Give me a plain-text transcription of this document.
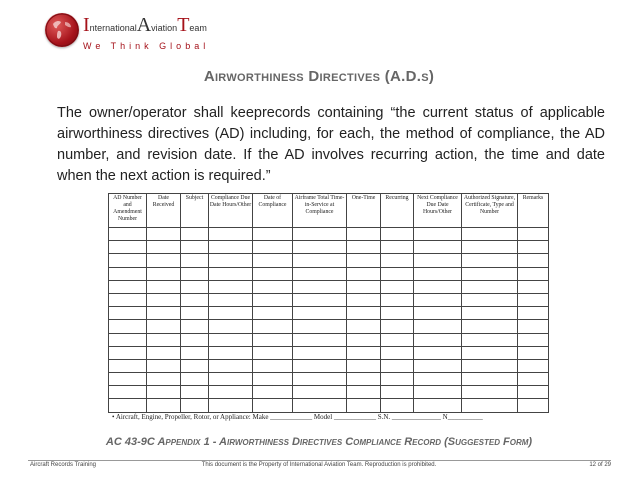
InternationalAviationTeam
We Think Global
Airworthiness Directives (A.D.s)
The owner/operator shall keeprecords containing “the current status of applicable airworthiness directives (AD) including, for each, the method of compliance, the AD number, and revision date. If the AD involves recurring action, the time and date when the next action is required.”
AD Number and Amendment Number	Date Received	Subject	Compliance Due Date Hours/Other	Date of Compliance	Airframe Total Time-in-Service at Compliance	One-Time	Recurring	Next Compliance Due Date Hours/Other	Authorized Signature, Certificate, Type and Number	Remarks

• Aircraft, Engine, Propeller, Rotor, or Appliance: Make ____________ Model ____________ S.N. ______________ N__________
AC 43-9C Appendix 1 - Airworthiness Directives Compliance Record (Suggested Form)
Aircraft Records Training	This document is the Property of International Aviation Team. Reproduction is prohibited.	12 of 29
